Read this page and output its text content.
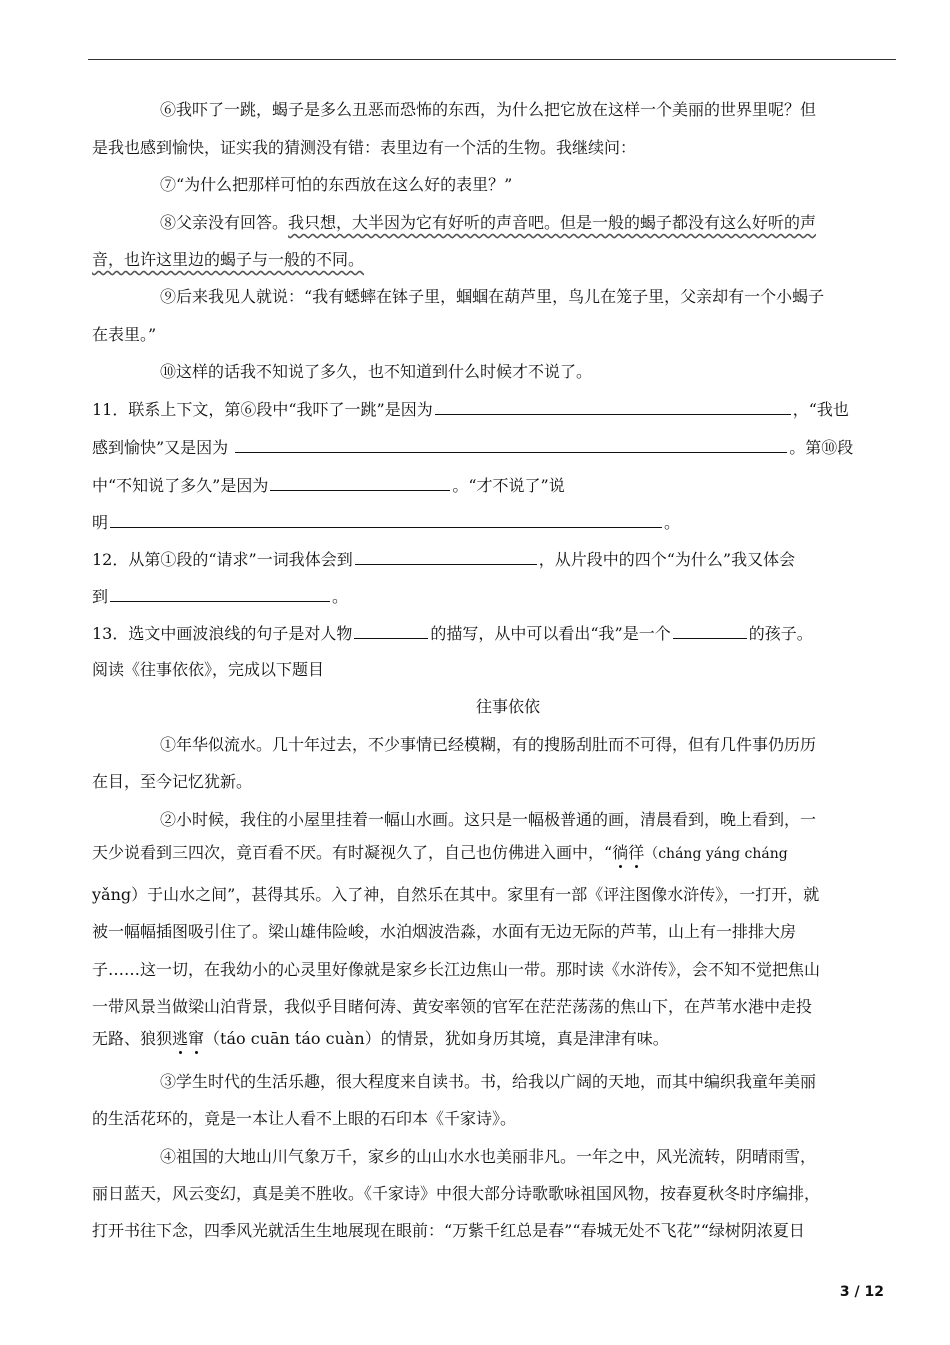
⑥我吓了一跳，蝎子是多么丑恶而恐怖的东西，为什么把它放在这样一个美丽的世界里呢？但
是我也感到愉快，证实我的猜测没有错：表里边有一个活的生物。我继续问：
⑦“为什么把那样可怕的东西放在这么好的表里？”
⑧父亲没有回答。我只想，大半因为它有好听的声音吧。但是一般的蝎子都没有这么好听的声
音，也许这里边的蝎子与一般的不同。
⑨后来我见人就说：“我有蟋蟀在钵子里，蝈蝈在葫芦里，鸟儿在笼子里，父亲却有一个小蝎子
在表里。”
⑩这样的话我不知说了多久，也不知道到什么时候才不说了。
11．联系上下文，第⑥段中“我吓了一跳”是因为	，“我也
感到愉快”又是因为	。第⑩段
中“不知说了多久”是因为	。“才不说了”说
明	。
12．从第①段的“请求”一词我体会到	，从片段中的四个“为什么”我又体会
到	。
13．选文中画波浪线的句子是对人物	的描写，从中可以看出“我”是一个	的孩子。
阅读《往事依依》，完成以下题目
往事依依
①年华似流水。几十年过去，不少事情已经模糊，有的搜肠刮肚而不可得，但有几件事仍历历
在目，至今记忆犹新。
②小时候，我住的小屋里挂着一幅山水画。这只是一幅极普通的画，清晨看到，晚上看到，一
天少说看到三四次，竟百看不厌。有时凝视久了，自己也仿佛进入画中，“徜徉（cháng yáng cháng
yǎng）于山水之间”，甚得其乐。入了神，自然乐在其中。家里有一部《评注图像水浒传》，一打开，就
被一幅幅插图吸引住了。梁山雄伟险峻，水泊烟波浩淼，水面有无边无际的芦苇，山上有一排排大房
子……这一切，在我幼小的心灵里好像就是家乡长江边焦山一带。那时读《水浒传》，会不知不觉把焦山
一带风景当做梁山泊背景，我似乎目睹何涛、黄安率领的官军在茫茫荡荡的焦山下，在芦苇水港中走投
无路、狼狈逃窜（táo cuān táo cuàn）的情景，犹如身历其境，真是津津有味。
③学生时代的生活乐趣，很大程度来自读书。书，给我以广阔的天地，而其中编织我童年美丽
的生活花环的，竟是一本让人看不上眼的石印本《千家诗》。
④祖国的大地山川气象万千，家乡的山山水水也美丽非凡。一年之中，风光流转，阴晴雨雪，
丽日蓝天，风云变幻，真是美不胜收。《千家诗》中很大部分诗歌歌咏祖国风物，按春夏秋冬时序编排，
打开书往下念，四季风光就活生生地展现在眼前：“万紫千红总是春”“春城无处不飞花”“绿树阴浓夏日
3 / 12
